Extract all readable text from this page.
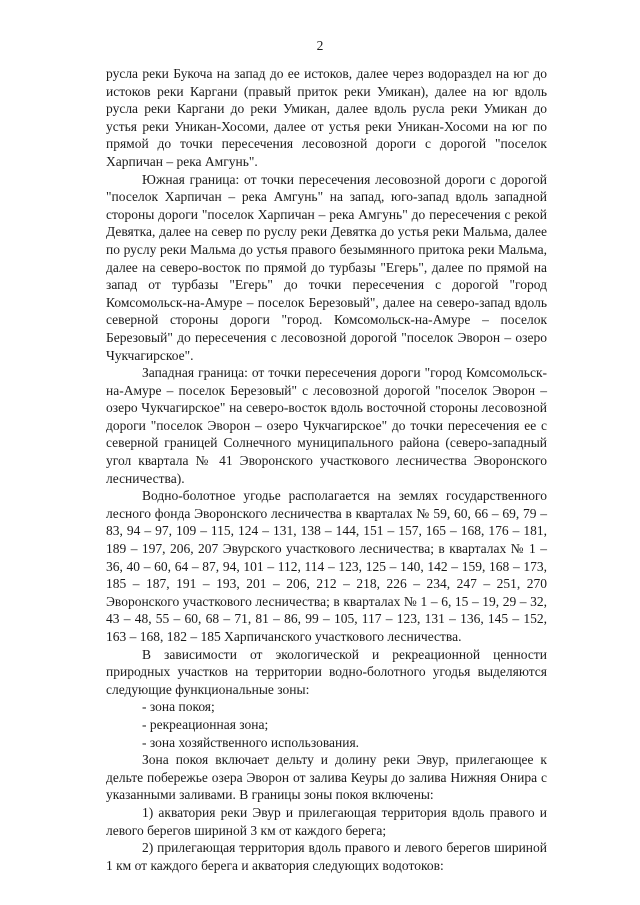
2

русла реки Букоча на запад до ее истоков, далее через водораздел на юг до истоков реки Каргани (правый приток реки Умикан), далее на юг вдоль русла реки Каргани до реки Умикан, далее вдоль русла реки Умикан до устья реки Уникан-Хосоми, далее от устья реки Уникан-Хосоми на юг по прямой до точки пересечения лесовозной дороги с дорогой "поселок Харпичан – река Амгунь".

Южная граница: от точки пересечения лесовозной дороги с дорогой "поселок Харпичан – река Амгунь" на запад, юго-запад вдоль западной стороны дороги "поселок Харпичан – река Амгунь" до пересечения с рекой Девятка, далее на север по руслу реки Девятка до устья реки Мальма, далее по руслу реки Мальма до устья правого безымянного притока реки Мальма, далее на северо-восток по прямой до турбазы "Егерь", далее по прямой на запад от турбазы "Егерь" до точки пересечения с дорогой "город Комсомольск-на-Амуре – поселок Березовый", далее на северо-запад вдоль северной стороны дороги "город. Комсомольск-на-Амуре – поселок Березовый" до пересечения с лесовозной дорогой "поселок Эворон – озеро Чукчагирское".

Западная граница: от точки пересечения дороги "город Комсомольск-на-Амуре – поселок Березовый" с лесовозной дорогой "поселок Эворон – озеро Чукчагирское" на северо-восток вдоль восточной стороны лесовозной дороги "поселок Эворон – озеро Чукчагирское" до точки пересечения ее с северной границей Солнечного муниципального района (северо-западный угол квартала № 41 Эворонского участкового лесничества Эворонского лесничества).

Водно-болотное угодье располагается на землях государственного лесного фонда Эворонского лесничества в кварталах № 59, 60, 66 – 69, 79 – 83, 94 – 97, 109 – 115, 124 – 131, 138 – 144, 151 – 157, 165 – 168, 176 – 181, 189 – 197, 206, 207 Эвурского участкового лесничества; в кварталах № 1 – 36, 40 – 60, 64 – 87, 94, 101 – 112, 114 – 123, 125 – 140, 142 – 159, 168 – 173, 185 – 187, 191 – 193, 201 – 206, 212 – 218, 226 – 234, 247 – 251, 270 Эворонского участкового лесничества; в кварталах № 1 – 6, 15 – 19, 29 – 32, 43 – 48, 55 – 60, 68 – 71, 81 – 86, 99 – 105, 117 – 123, 131 – 136, 145 – 152, 163 – 168, 182 – 185 Харпичанского участкового лесничества.

В зависимости от экологической и рекреационной ценности природных участков на территории водно-болотного угодья выделяются следующие функциональные зоны:

- зона покоя;

- рекреационная зона;

- зона хозяйственного использования.

Зона покоя включает дельту и долину реки Эвур, прилегающее к дельте побережье озера Эворон от залива Кеуры до залива Нижняя Онира с указанными заливами. В границы зоны покоя включены:

1) акватория реки Эвур и прилегающая территория вдоль правого и левого берегов шириной 3 км от каждого берега;

2) прилегающая территория вдоль правого и левого берегов шириной 1 км от каждого берега и акватория следующих водотоков:
